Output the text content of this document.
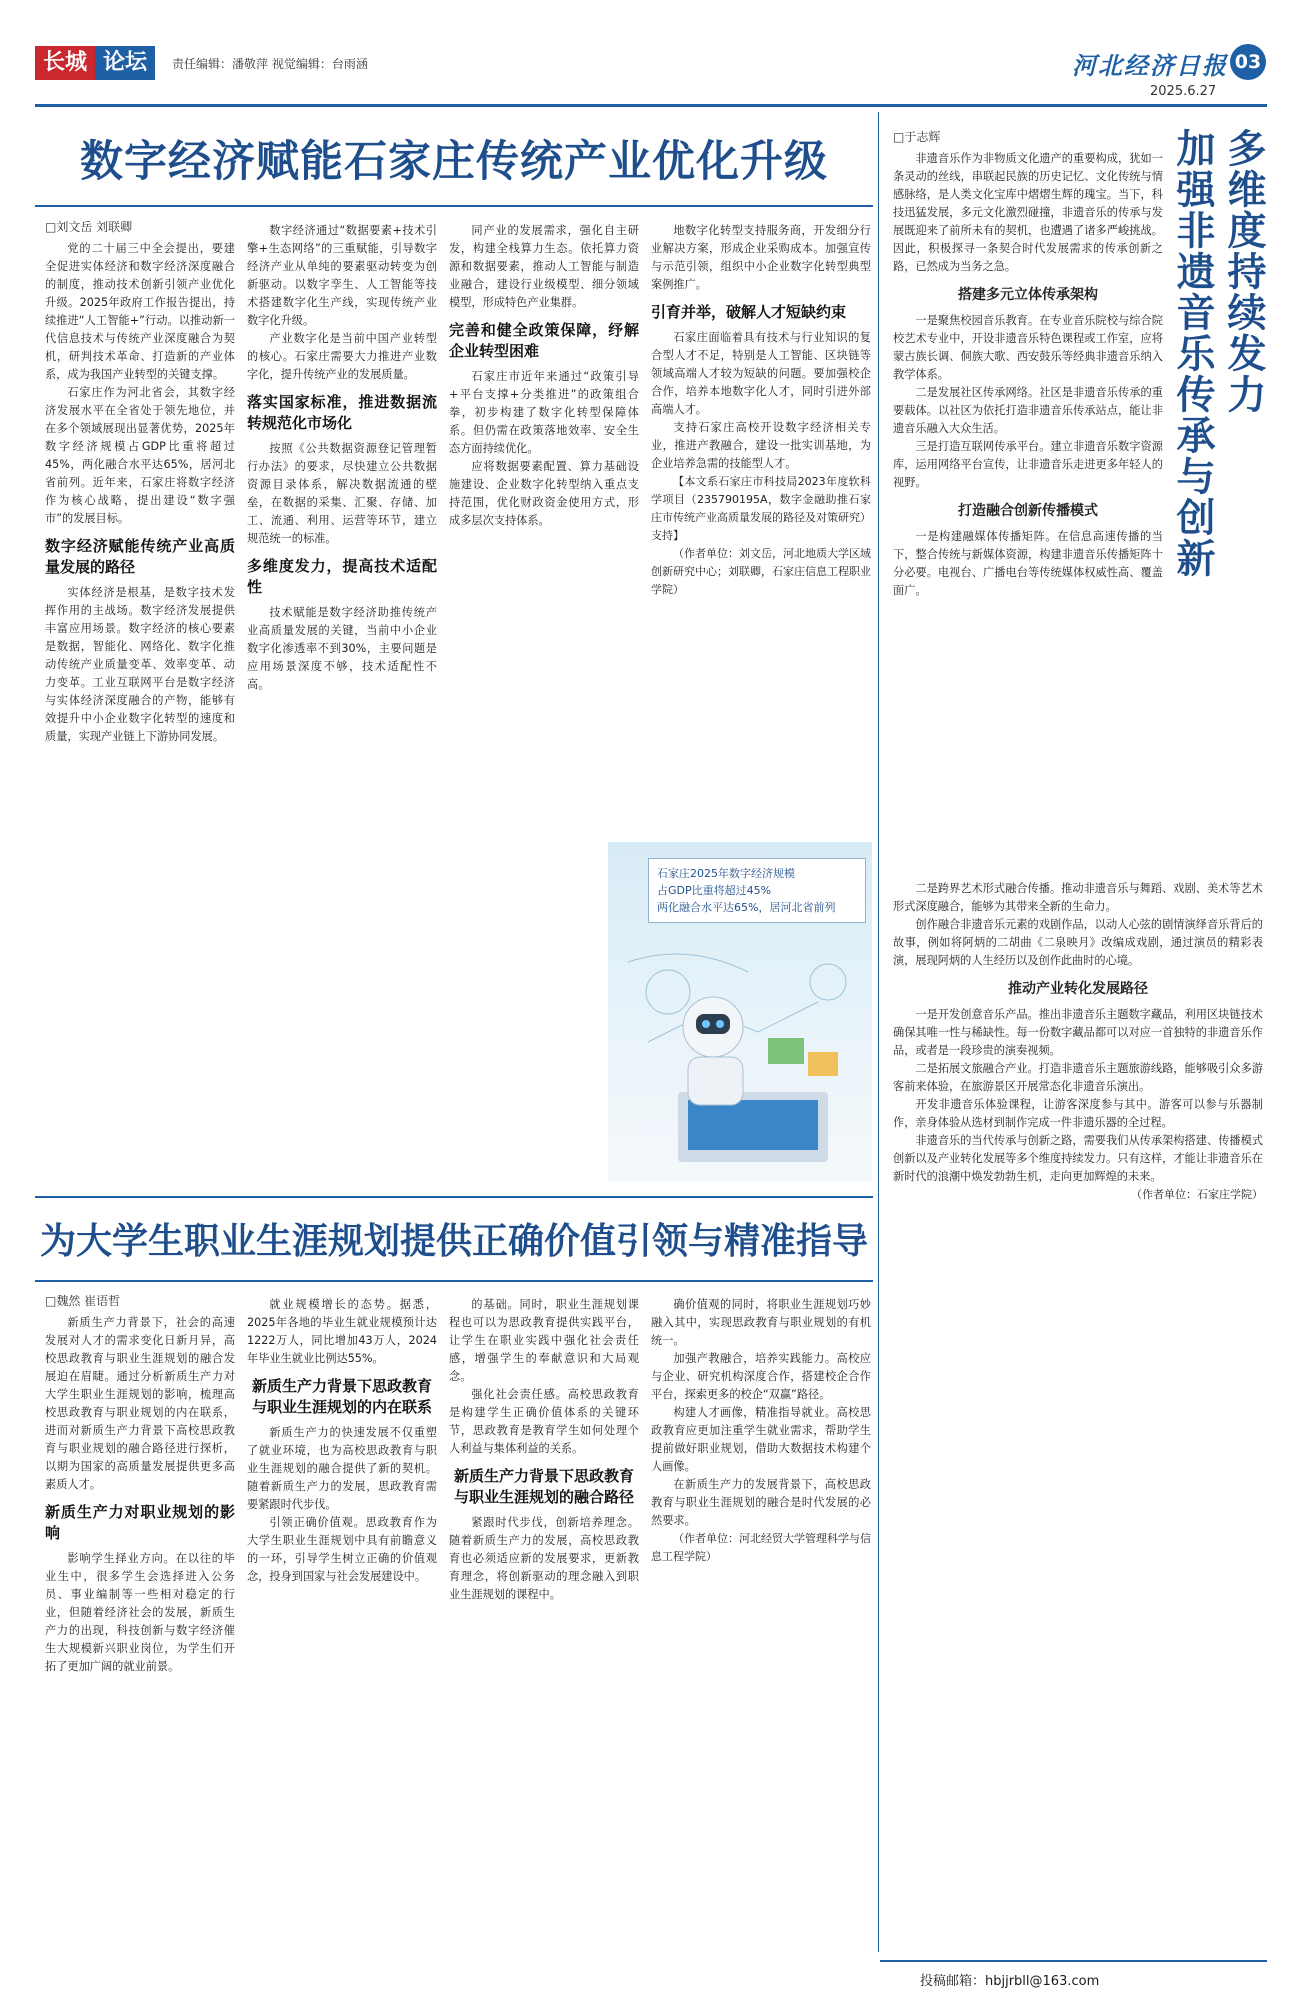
长城 论坛	责任编辑：潘敬萍 视觉编辑：台雨涵	河北经济日报 03
2025.6.27
数字经济赋能石家庄传统产业优化升级
□刘文岳 刘联卿

党的二十届三中全会提出，要建全促进实体经济和数字经济深度融合的制度，推动技术创新引领产业优化升级。2025年政府工作报告提出，持续推进“人工智能+”行动。以推动新一代信息技术与传统产业深度融合为契机，研判技术革命、打造新的产业体系，成为我国产业转型的关键支撑。

石家庄作为河北省会，其数字经济发展水平在全省处于领先地位，并在多个领域展现出显著优势，2025年数字经济规模占GDP比重将超过45%，两化融合水平达65%，居河北省前列。近年来，石家庄将数字经济作为核心战略，提出建设“数字强市”的发展目标。

数字经济赋能传统产业高质量发展的路径

实体经济是根基，是数字技术发挥作用的主战场。数字经济发展提供丰富应用场景。数字经济的核心要素是数据，智能化、网络化、数字化推动传统产业质量变革、效率变革、动力变革。工业互联网平台是数字经济与实体经济深度融合的产物，能够有效提升中小企业数字化转型的速度和质量，实现产业链上下游协同发展。

数字经济通过“数据要素+技术引擎+生态网络”的三重赋能，引导数字经济产业从单纯的要素驱动转变为创新驱动。以数字孪生、人工智能等技术搭建数字化生产线，实现传统产业数字化升级。

产业数字化是当前中国产业转型的核心。石家庄需要大力推进产业数字化，提升传统产业的发展质量。

落实国家标准，推进数据流转规范化市场化

按照《公共数据资源登记管理暂行办法》的要求，尽快建立公共数据资源目录体系，解决数据流通的壁垒，在数据的采集、汇聚、存储、加工、流通、利用、运营等环节，建立规范统一的标准。

多维度发力，提高技术适配性

技术赋能是数字经济助推传统产业高质量发展的关键，当前中小企业数字化渗透率不到30%，主要问题是应用场景深度不够，技术适配性不高。

同产业的发展需求，强化自主研发，构建全栈算力生态。依托算力资源和数据要素，推动人工智能与制造业融合，建设行业级模型、细分领域模型，形成特色产业集群。

完善和健全政策保障，纾解企业转型困难

石家庄市近年来通过“政策引导+平台支撑+分类推进”的政策组合拳，初步构建了数字化转型保障体系。但仍需在政策落地效率、安全生态方面持续优化。

应将数据要素配置、算力基础设施建设、企业数字化转型纳入重点支持范围，优化财政资金使用方式，形成多层次支持体系。

地数字化转型支持服务商，开发细分行业解决方案，形成企业采购成本。加强宣传与示范引领，组织中小企业数字化转型典型案例推广。

引育并举，破解人才短缺约束

石家庄面临着具有技术与行业知识的复合型人才不足，特别是人工智能、区块链等领域高端人才较为短缺的问题。要加强校企合作，培养本地数字化人才，同时引进外部高端人才。

支持石家庄高校开设数字经济相关专业，推进产教融合，建设一批实训基地，为企业培养急需的技能型人才。

【本文系石家庄市科技局2023年度软科学项目（235790195A，数字金融助推石家庄市传统产业高质量发展的路径及对策研究）支持】

（作者单位：刘文岳，河北地质大学区域创新研究中心；刘联卿，石家庄信息工程职业学院）

石家庄2025年数字经济规模
占GDP比重将超过45%
两化融合水平达65%，居河北省前列
为大学生职业生涯规划提供正确价值引领与精准指导
□魏然 崔语哲

新质生产力背景下，社会的高速发展对人才的需求变化日新月异，高校思政教育与职业生涯规划的融合发展迫在眉睫。通过分析新质生产力对大学生职业生涯规划的影响，梳理高校思政教育与职业规划的内在联系，进而对新质生产力背景下高校思政教育与职业规划的融合路径进行探析，以期为国家的高质量发展提供更多高素质人才。

新质生产力对职业规划的影响

影响学生择业方向。在以往的毕业生中，很多学生会选择进入公务员、事业编制等一些相对稳定的行业，但随着经济社会的发展，新质生产力的出现，科技创新与数字经济催生大规模新兴职业岗位，为学生们开拓了更加广阔的就业前景。

就业规模增长的态势。据悉，2025年各地的毕业生就业规模预计达1222万人，同比增加43万人，2024年毕业生就业比例达55%。

新质生产力背景下思政教育与职业生涯规划的内在联系

新质生产力的快速发展不仅重塑了就业环境，也为高校思政教育与职业生涯规划的融合提供了新的契机。随着新质生产力的发展，思政教育需要紧跟时代步伐。

引领正确价值观。思政教育作为大学生职业生涯规划中具有前瞻意义的一环，引导学生树立正确的价值观念，投身到国家与社会发展建设中。

的基础。同时，职业生涯规划课程也可以为思政教育提供实践平台，让学生在职业实践中强化社会责任感，增强学生的奉献意识和大局观念。

强化社会责任感。高校思政教育是构建学生正确价值体系的关键环节，思政教育是教育学生如何处理个人利益与集体利益的关系。

新质生产力背景下思政教育与职业生涯规划的融合路径

紧跟时代步伐，创新培养理念。随着新质生产力的发展，高校思政教育也必须适应新的发展要求，更新教育理念，将创新驱动的理念融入到职业生涯规划的课程中。

确价值观的同时，将职业生涯规划巧妙融入其中，实现思政教育与职业规划的有机统一。

加强产教融合，培养实践能力。高校应与企业、研究机构深度合作，搭建校企合作平台，探索更多的校企“双赢”路径。

构建人才画像，精准指导就业。高校思政教育应更加注重学生就业需求，帮助学生提前做好职业规划，借助大数据技术构建个人画像。

在新质生产力的发展背景下，高校思政教育与职业生涯规划的融合是时代发展的必然要求。

（作者单位：河北经贸大学管理科学与信息工程学院）

□于志辉	多维度持续发力
加强非遗音乐传承与创新

非遗音乐作为非物质文化遗产的重要构成，犹如一条灵动的丝线，串联起民族的历史记忆、文化传统与情感脉络，是人类文化宝库中熠熠生辉的瑰宝。当下，科技迅猛发展，多元文化激烈碰撞，非遗音乐的传承与发展既迎来了前所未有的契机，也遭遇了诸多严峻挑战。因此，积极探寻一条契合时代发展需求的传承创新之路，已然成为当务之急。

搭建多元立体传承架构

一是聚焦校园音乐教育。在专业音乐院校与综合院校艺术专业中，开设非遗音乐特色课程或工作室，应将蒙古族长调、侗族大歌、西安鼓乐等经典非遗音乐纳入教学体系。

二是发展社区传承网络。社区是非遗音乐传承的重要载体。以社区为依托打造非遗音乐传承站点，能让非遗音乐融入大众生活。

三是打造互联网传承平台。建立非遗音乐数字资源库，运用网络平台宣传，让非遗音乐走进更多年轻人的视野。

打造融合创新传播模式

一是构建融媒体传播矩阵。在信息高速传播的当下，整合传统与新媒体资源，构建非遗音乐传播矩阵十分必要。电视台、广播电台等传统媒体权威性高、覆盖面广。

二是跨界艺术形式融合传播。推动非遗音乐与舞蹈、戏剧、美术等艺术形式深度融合，能够为其带来全新的生命力。

创作融合非遗音乐元素的戏剧作品，以动人心弦的剧情演绎音乐背后的故事，例如将阿炳的二胡曲《二泉映月》改编成戏剧，通过演员的精彩表演，展现阿炳的人生经历以及创作此曲时的心境。

推动产业转化发展路径

一是开发创意音乐产品。推出非遗音乐主题数字藏品，利用区块链技术确保其唯一性与稀缺性。每一份数字藏品都可以对应一首独特的非遗音乐作品，或者是一段珍贵的演奏视频。

二是拓展文旅融合产业。打造非遗音乐主题旅游线路，能够吸引众多游客前来体验，在旅游景区开展常态化非遗音乐演出。

开发非遗音乐体验课程，让游客深度参与其中。游客可以参与乐器制作，亲身体验从选材到制作完成一件非遗乐器的全过程。

非遗音乐的当代传承与创新之路，需要我们从传承架构搭建、传播模式创新以及产业转化发展等多个维度持续发力。只有这样，才能让非遗音乐在新时代的浪潮中焕发勃勃生机，走向更加辉煌的未来。

（作者单位：石家庄学院）

投稿邮箱：hbjjrbll@163.com
